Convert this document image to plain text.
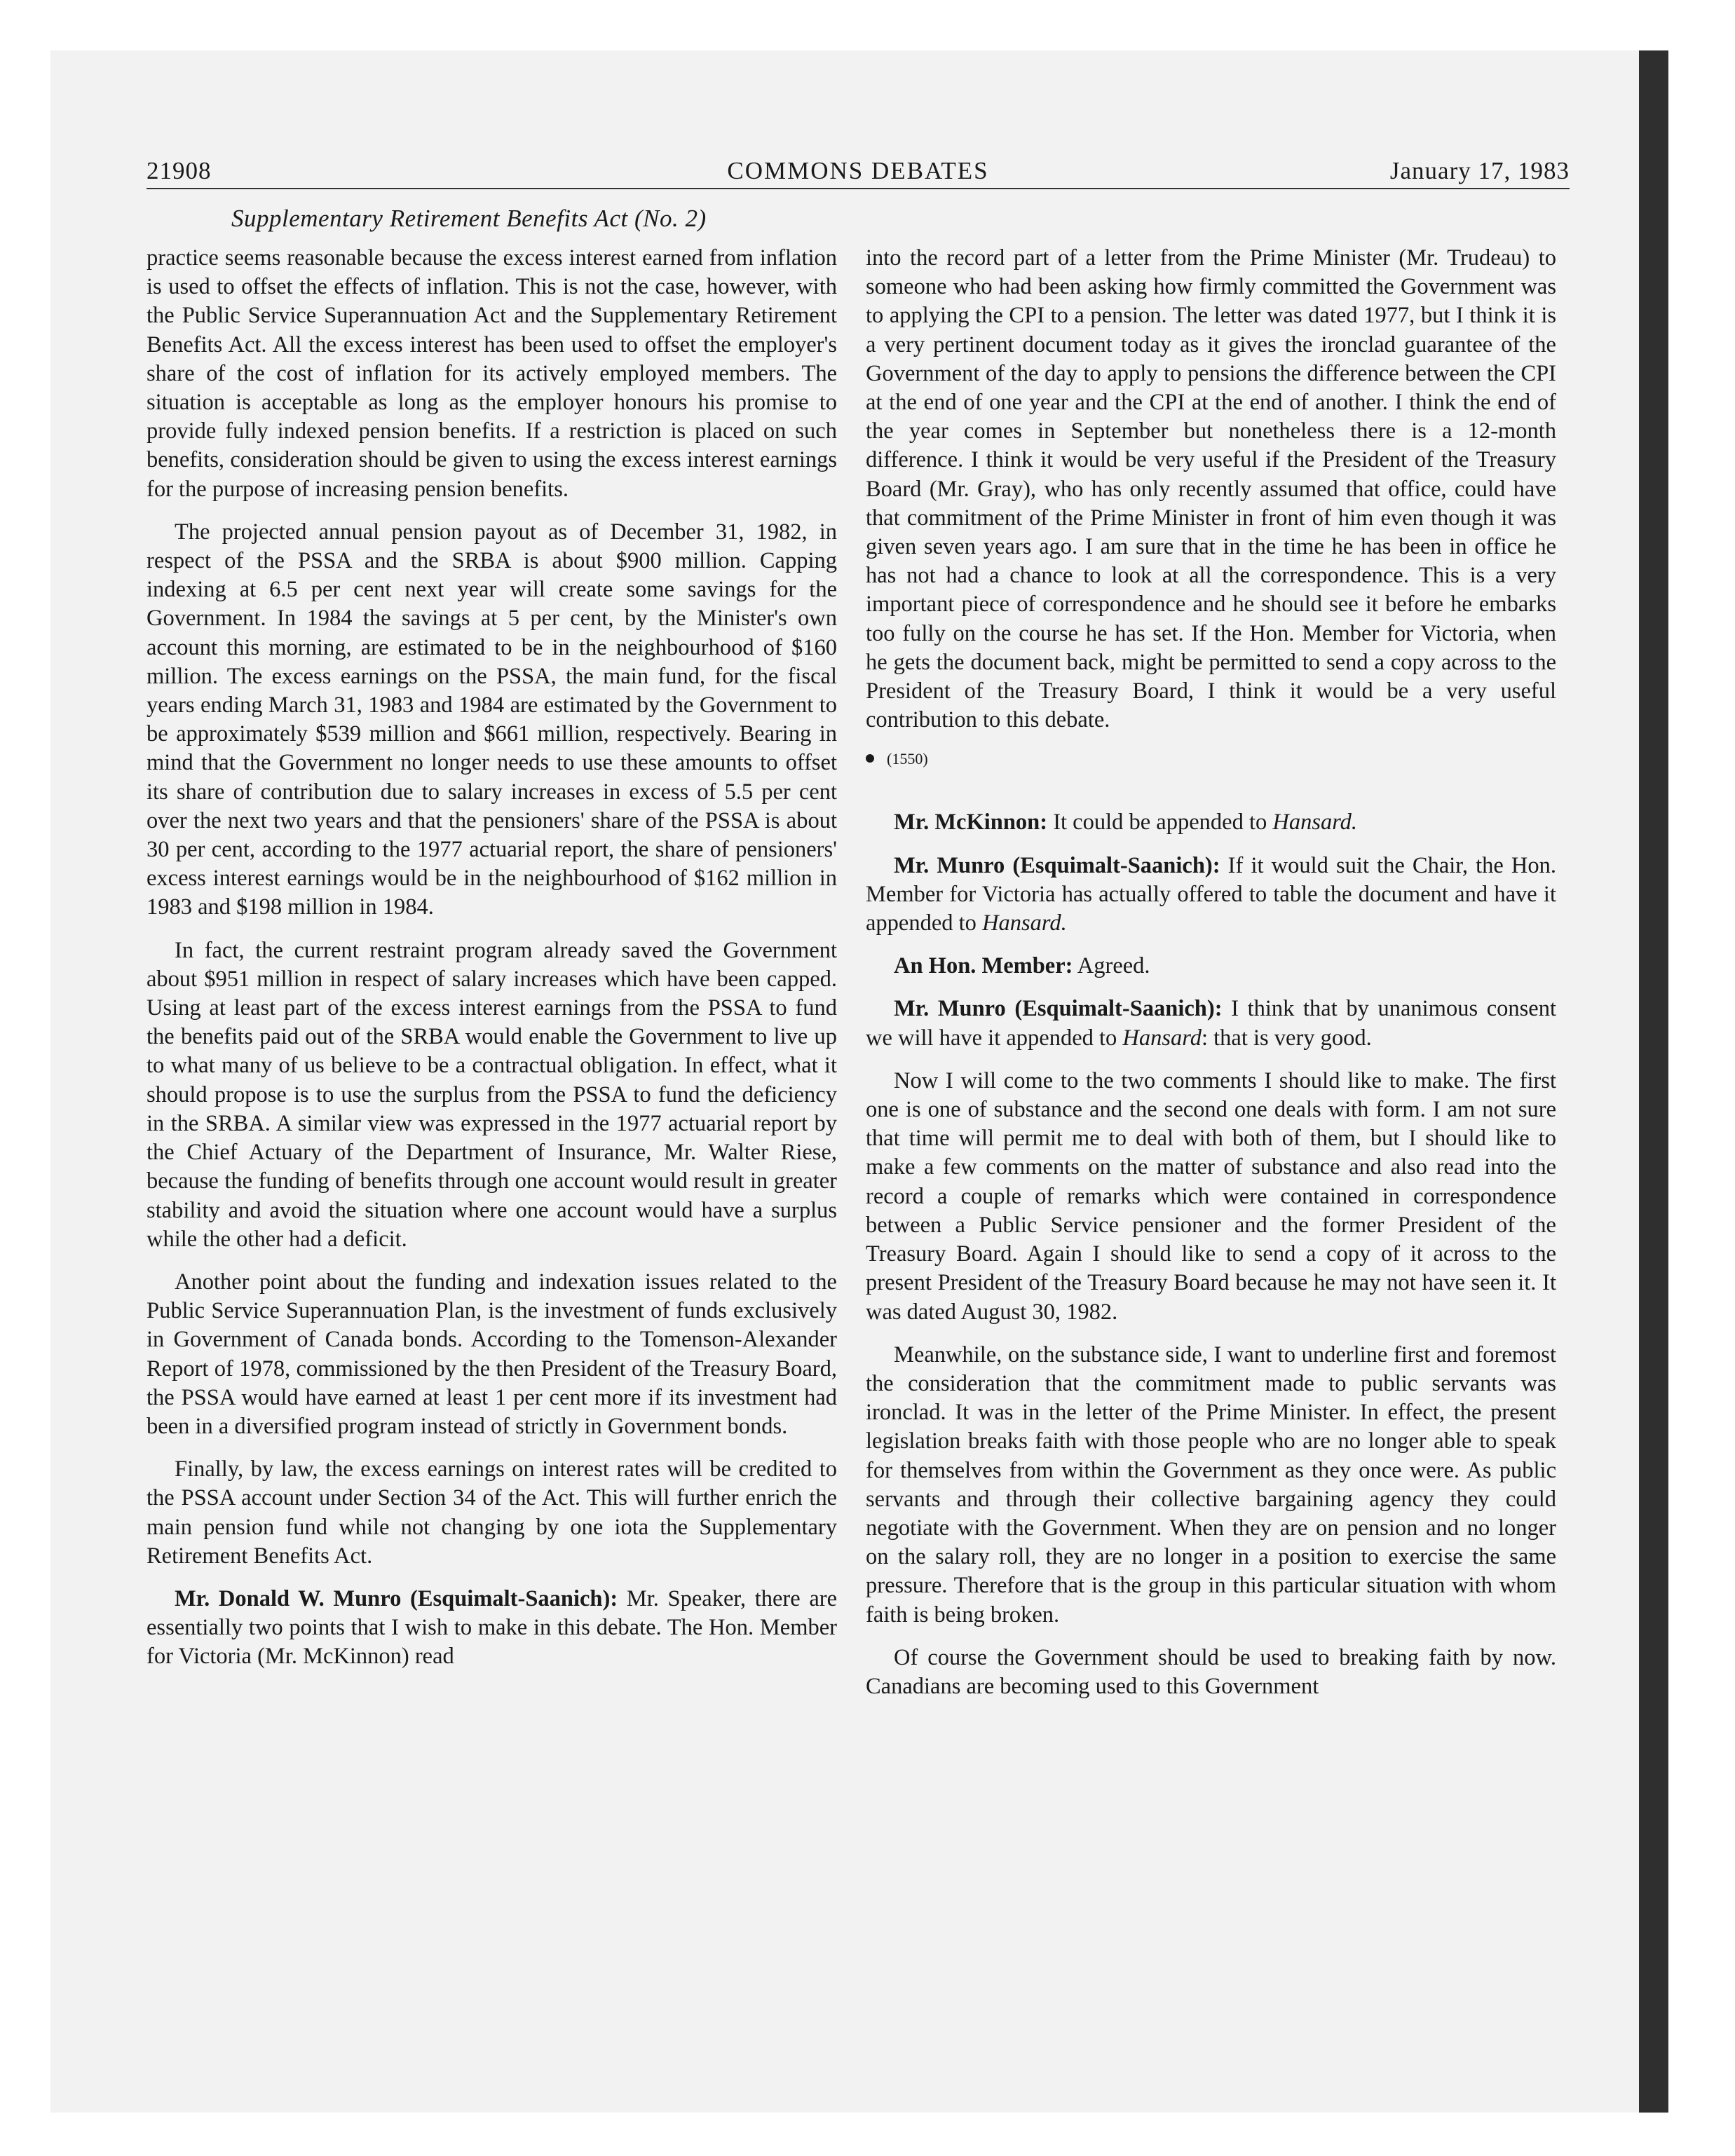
21908	COMMONS DEBATES	January 17, 1983
Supplementary Retirement Benefits Act (No. 2)

practice seems reasonable because the excess interest earned from inflation is used to offset the effects of inflation. This is not the case, however, with the Public Service Superannuation Act and the Supplementary Retirement Benefits Act. All the excess interest has been used to offset the employer's share of the cost of inflation for its actively employed members. The situation is acceptable as long as the employer honours his promise to provide fully indexed pension benefits. If a restriction is placed on such benefits, consideration should be given to using the excess interest earnings for the purpose of increasing pension benefits.

The projected annual pension payout as of December 31, 1982, in respect of the PSSA and the SRBA is about $900 million. Capping indexing at 6.5 per cent next year will create some savings for the Government. In 1984 the savings at 5 per cent, by the Minister's own account this morning, are estimated to be in the neighbourhood of $160 million. The excess earnings on the PSSA, the main fund, for the fiscal years ending March 31, 1983 and 1984 are estimated by the Government to be approximately $539 million and $661 million, respectively. Bearing in mind that the Government no longer needs to use these amounts to offset its share of contribution due to salary increases in excess of 5.5 per cent over the next two years and that the pensioners' share of the PSSA is about 30 per cent, according to the 1977 actuarial report, the share of pensioners' excess interest earnings would be in the neighbourhood of $162 million in 1983 and $198 million in 1984.

In fact, the current restraint program already saved the Government about $951 million in respect of salary increases which have been capped. Using at least part of the excess interest earnings from the PSSA to fund the benefits paid out of the SRBA would enable the Government to live up to what many of us believe to be a contractual obligation. In effect, what it should propose is to use the surplus from the PSSA to fund the deficiency in the SRBA. A similar view was expressed in the 1977 actuarial report by the Chief Actuary of the Department of Insurance, Mr. Walter Riese, because the funding of benefits through one account would result in greater stability and avoid the situation where one account would have a surplus while the other had a deficit.

Another point about the funding and indexation issues related to the Public Service Superannuation Plan, is the investment of funds exclusively in Government of Canada bonds. According to the Tomenson-Alexander Report of 1978, commissioned by the then President of the Treasury Board, the PSSA would have earned at least 1 per cent more if its investment had been in a diversified program instead of strictly in Government bonds.

Finally, by law, the excess earnings on interest rates will be credited to the PSSA account under Section 34 of the Act. This will further enrich the main pension fund while not changing by one iota the Supplementary Retirement Benefits Act.

Mr. Donald W. Munro (Esquimalt-Saanich): Mr. Speaker, there are essentially two points that I wish to make in this debate. The Hon. Member for Victoria (Mr. McKinnon) read

into the record part of a letter from the Prime Minister (Mr. Trudeau) to someone who had been asking how firmly committed the Government was to applying the CPI to a pension. The letter was dated 1977, but I think it is a very pertinent document today as it gives the ironclad guarantee of the Government of the day to apply to pensions the difference between the CPI at the end of one year and the CPI at the end of another. I think the end of the year comes in September but nonetheless there is a 12-month difference. I think it would be very useful if the President of the Treasury Board (Mr. Gray), who has only recently assumed that office, could have that commitment of the Prime Minister in front of him even though it was given seven years ago. I am sure that in the time he has been in office he has not had a chance to look at all the correspondence. This is a very important piece of correspondence and he should see it before he embarks too fully on the course he has set. If the Hon. Member for Victoria, when he gets the document back, might be permitted to send a copy across to the President of the Treasury Board, I think it would be a very useful contribution to this debate.

(1550)

Mr. McKinnon: It could be appended to Hansard.

Mr. Munro (Esquimalt-Saanich): If it would suit the Chair, the Hon. Member for Victoria has actually offered to table the document and have it appended to Hansard.

An Hon. Member: Agreed.

Mr. Munro (Esquimalt-Saanich): I think that by unanimous consent we will have it appended to Hansard: that is very good.

Now I will come to the two comments I should like to make. The first one is one of substance and the second one deals with form. I am not sure that time will permit me to deal with both of them, but I should like to make a few comments on the matter of substance and also read into the record a couple of remarks which were contained in correspondence between a Public Service pensioner and the former President of the Treasury Board. Again I should like to send a copy of it across to the present President of the Treasury Board because he may not have seen it. It was dated August 30, 1982.

Meanwhile, on the substance side, I want to underline first and foremost the consideration that the commitment made to public servants was ironclad. It was in the letter of the Prime Minister. In effect, the present legislation breaks faith with those people who are no longer able to speak for themselves from within the Government as they once were. As public servants and through their collective bargaining agency they could negotiate with the Government. When they are on pension and no longer on the salary roll, they are no longer in a position to exercise the same pressure. Therefore that is the group in this particular situation with whom faith is being broken.

Of course the Government should be used to breaking faith by now. Canadians are becoming used to this Government
